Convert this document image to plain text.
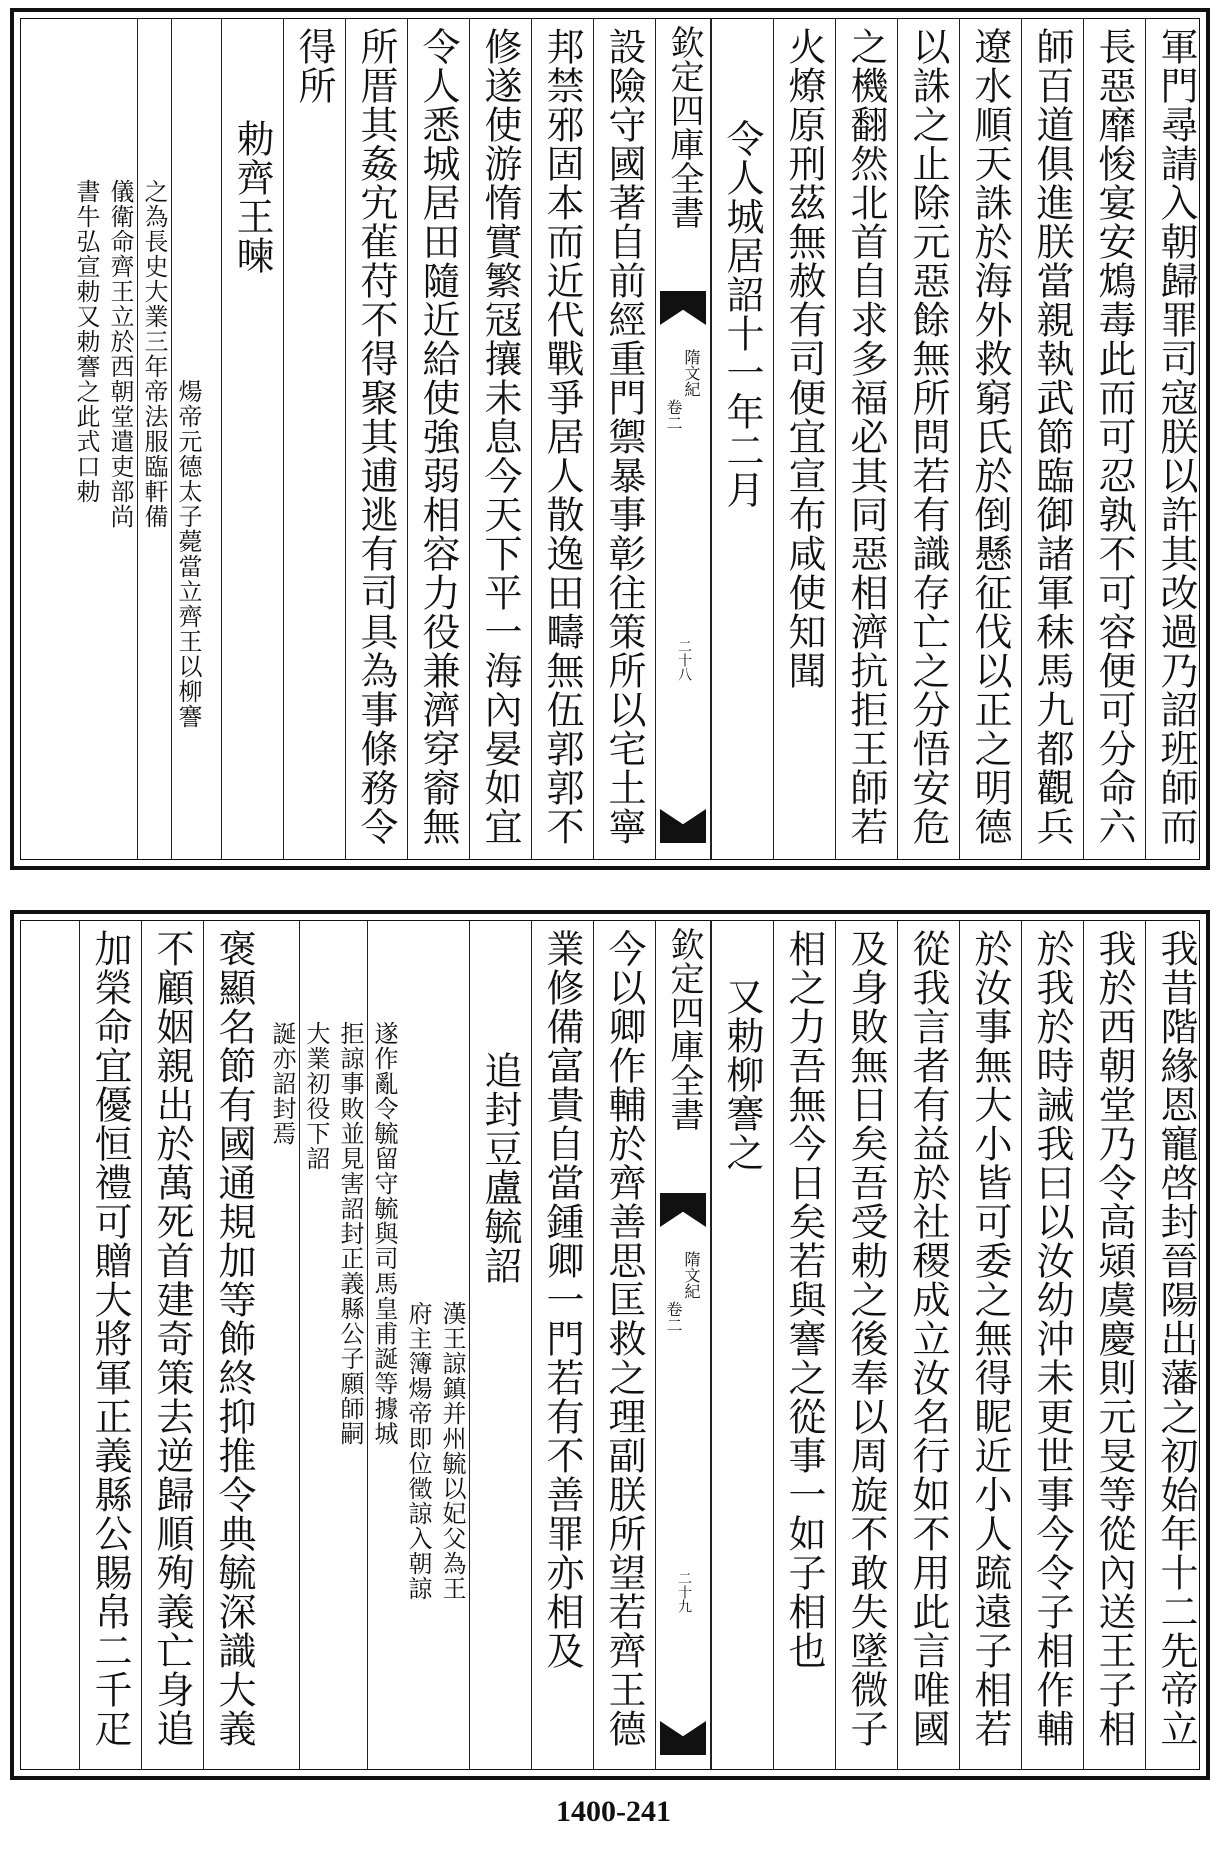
軍門尋請入朝歸罪司寇朕以許其改過乃詔班師而
長惡靡悛宴安鴆毒此而可忍孰不可容便可分命六
師百道俱進朕當親執武節臨御諸軍秣馬九都觀兵
遼水順天誅於海外救窮氏於倒懸征伐以正之明德
以誅之止除元惡餘無所問若有識存亡之分悟安危
之機翻然北首自求多福必其同惡相濟抗拒王師若
火燎原刑茲無赦有司便宜宣布咸使知聞
令人城居詔十一年二月
欽定四庫全書
隋文紀
卷二
二十八
設險守國著自前經重門禦暴事彰往策所以宅土寧
邦禁邪固本而近代戰爭居人散逸田疇無伍郭郭不
修遂使游惰實繁冦攘未息今天下平一海內晏如宜
令人悉城居田隨近給使強弱相容力役兼濟穿窬無
所厝其姦宄雈苻不得聚其逋逃有司具為事條務令
得所
勅齊王暕
煬帝元德太子薨當立齊王以柳謇
之為長史大業三年帝法服臨軒備
儀衛命齊王立於西朝堂遣吏部尚
書牛弘宣勅又勅謇之此式口勅
我昔階緣恩寵啓封晉陽出藩之初始年十二先帝立
我於西朝堂乃令高熲虞慶則元旻等從內送王子相
於我於時誡我曰以汝幼沖未更世事今令子相作輔
於汝事無大小皆可委之無得眤近小人䟽遠子相若
從我言者有益於社稷成立汝名行如不用此言唯國
及身敗無日矣吾受勅之後奉以周旋不敢失墜微子
相之力吾無今日矣若與謇之從事一如子相也
又勅柳謇之
欽定四庫全書
隋文紀
卷二
二十九
今以卿作輔於齊善思匡救之理副朕所望若齊王德
業修備富貴自當鍾卿一門若有不善罪亦相及
追封豆盧毓詔
漢王諒鎮并州毓以妃父為王
府主簿煬帝即位徵諒入朝諒
遂作亂令毓留守毓與司馬皇甫誕等據城
拒諒事敗並見害詔封正義縣公子願師嗣
大業初役下詔
誕亦詔封焉
褒顯名節有國通規加等飾終抑推令典毓深識大義
不顧姻親出於萬死首建奇策去逆歸順殉義亡身追
加榮命宜優恒禮可贈大將軍正義縣公賜帛二千疋
1400-241
